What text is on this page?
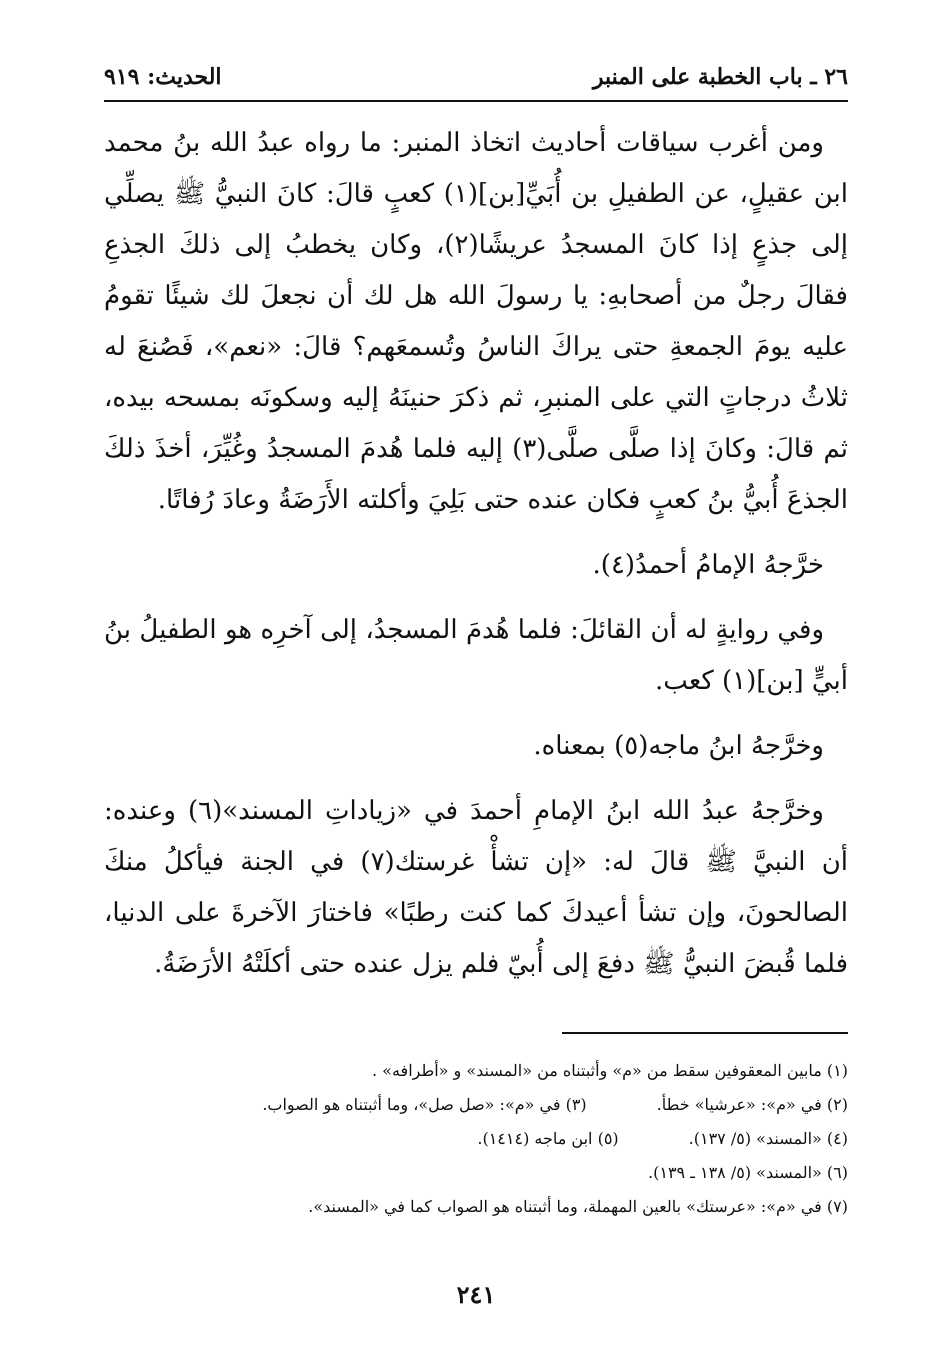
٢٦ ـ باب الخطبة على المنبر
الحديث: ٩١٩

ومن أغرب سياقات أحاديث اتخاذ المنبر: ما رواه عبدُ الله بنُ محمد ابن عقيلٍ، عن الطفيلِ بن أُبَيِّ[بن](١) كعبٍ قالَ: كانَ النبيُّ ﷺ يصلِّي إلى جذعٍ إذا كانَ المسجدُ عريشًا(٢)، وكان يخطبُ إلى ذلكَ الجذعِ فقالَ رجلٌ من أصحابهِ: يا رسولَ الله هل لك أن نجعلَ لك شيئًا تقومُ عليه يومَ الجمعةِ حتى يراكَ الناسُ وتُسمعَهم؟ قالَ: «نعم»، فَصُنعَ له ثلاثُ درجاتٍ التي على المنبرِ، ثم ذكرَ حنينَهُ إليه وسكونَه بمسحه بيده، ثم قالَ: وكانَ إذا صلَّى صلَّى(٣) إليه فلما هُدمَ المسجدُ وغُيِّرَ، أخذَ ذلكَ الجذعَ أُبيُّ بنُ كعبٍ فكان عنده حتى بَلِيَ وأكلته الأَرَضَةُ وعادَ رُفاتًا.

خرَّجهُ الإمامُ أحمدُ(٤).

وفي روايةٍ له أن القائلَ: فلما هُدمَ المسجدُ، إلى آخرِه هو الطفيلُ بنُ أبيٍّ [بن](١) كعب.

وخرَّجهُ ابنُ ماجه(٥) بمعناه.

وخرَّجهُ عبدُ الله ابنُ الإمامِ أحمدَ في «زياداتِ المسند»(٦) وعنده: أن النبيَّ ﷺ قالَ له: «إن تشأْ غرستك(٧) في الجنة فيأكلُ منكَ الصالحونَ، وإن تشأ أعيدكَ كما كنت رطبًا» فاختارَ الآخرةَ على الدنيا، فلما قُبضَ النبيُّ ﷺ دفعَ إلى أُبيّ فلم يزل عنده حتى أكلَتْهُ الأرَضَةُ.

(١) مابين المعقوفين سقط من «م» وأثبتناه من «المسند» و «أطرافه» .
(٢) في «م»: «عرشيا» خطأ.(٣) في «م»: «صل صل»، وما أثبتناه هو الصواب.
(٤) «المسند» (٥/ ١٣٧).(٥) ابن ماجه (١٤١٤).
(٦) «المسند» (٥/ ١٣٨ ـ ١٣٩).
(٧) في «م»: «عرستك» بالعين المهملة، وما أثبتناه هو الصواب كما في «المسند».
٢٤١
